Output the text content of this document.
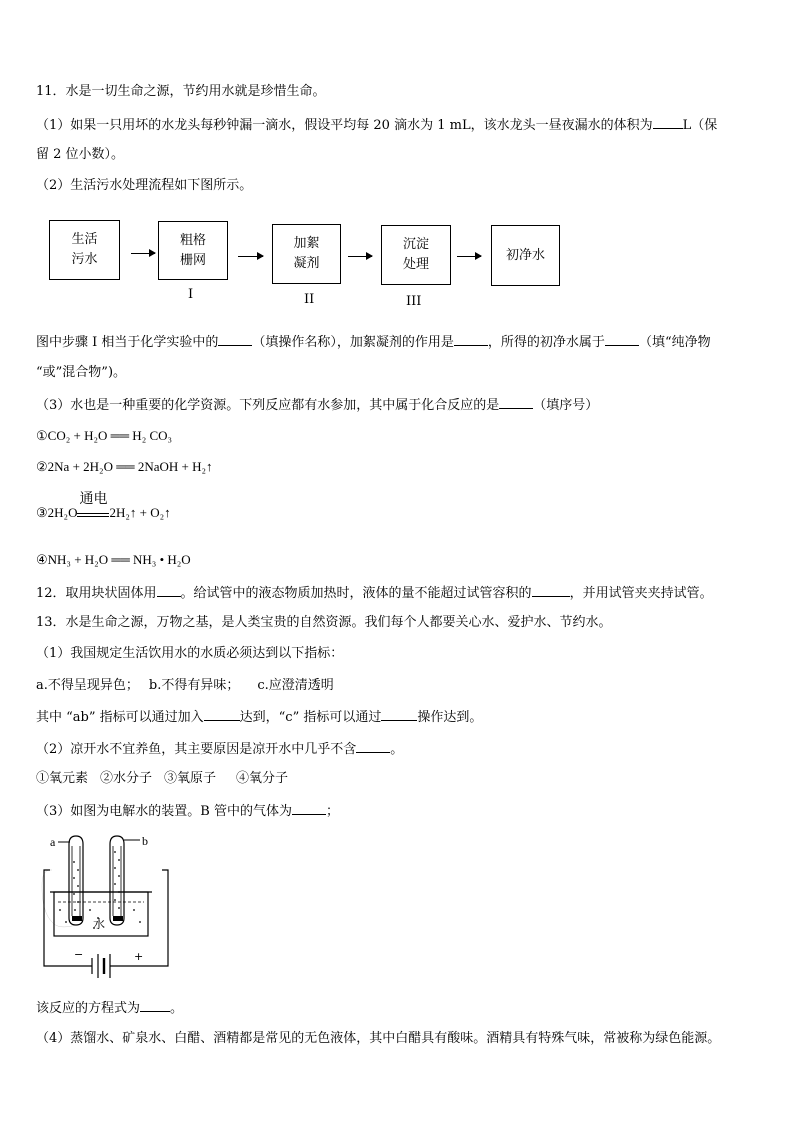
11．水是一切生命之源，节约用水就是珍惜生命。
（1）如果一只用坏的水龙头每秒钟漏一滴水，假设平均每 20 滴水为 1 mL，该水龙头一昼夜漏水的体积为 L（保
留 2 位小数）。
（2）生活污水处理流程如下图所示。
生活
污水
粗格
栅网
加絮
凝剂
沉淀
处理
初净水
I	II	III
图中步骤 I 相当于化学实验中的	（填操作名称），加絮凝剂的作用是	，所得的初净水属于	（填“纯净物
“或”混合物”)。
（3）水也是一种重要的化学资源。下列反应都有水参加，其中属于化合反应的是	（填序号）
①CO₂ + H₂O ══ H₂ CO₃
②2Na + 2H₂O ══ 2NaOH + H₂↑
③2H₂O
通电
2H₂↑ + O₂↑
④NH₃ + H₂O ══ NH₃ • H₂O
12．取用块状固体用 。给试管中的液态物质加热时，液体的量不能超过试管容积的	，并用试管夹夹持试管。
13．水是生命之源，万物之基，是人类宝贵的自然资源。我们每个人都要关心水、爱护水、节约水。
（1）我国规定生活饮用水的水质必须达到以下指标：
a.不得呈现异色； b.不得有异味； c.应澄清透明
其中 “ab” 指标可以通过加入	达到，“c” 指标可以通过	操作达到。
（2）凉开水不宜养鱼，其主要原因是凉开水中几乎不含	。
①氧元素 ②水分子 ③氧原子 ④氧分子
（3）如图为电解水的装置。B 管中的气体为	；
a	b
水
−	+
该反应的方程式为 。
（4）蒸馏水、矿泉水、白醋、酒精都是常见的无色液体，其中白醋具有酸味。酒精具有特殊气味，常被称为绿色能源。
